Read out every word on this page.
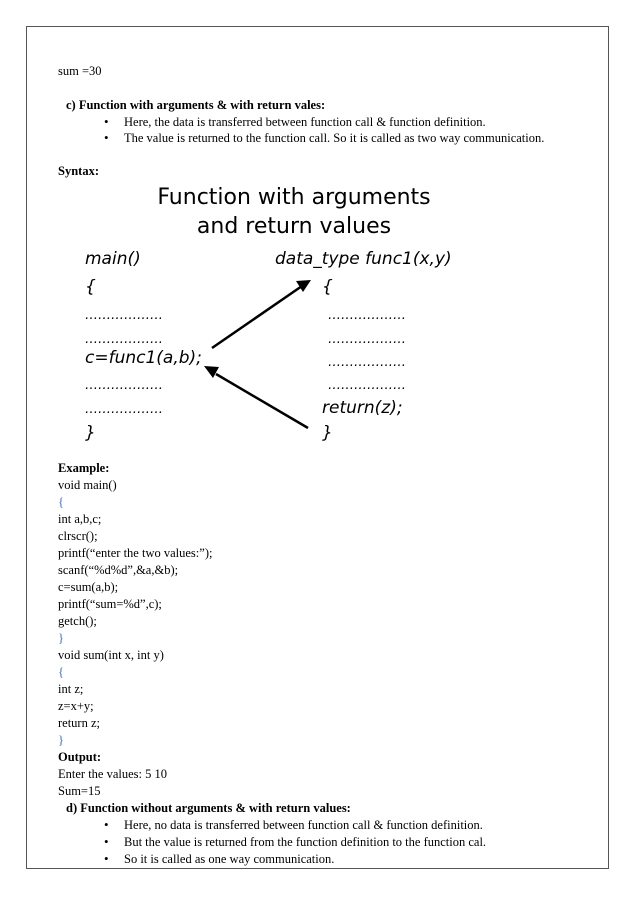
sum =30

c) Function with arguments & with return vales:

• Here, the data is transferred between function call & function definition.

• The value is returned to the function call. So it is called as two way communication.

Syntax:

Function with arguments
and return values
main()
{
………………
………………
c=func1(a,b);
………………
………………
}
data_type func1(x,y)
{
………………
………………
………………
………………
return(z);
}

Example:

void main()

{

int a,b,c;

clrscr();

printf(“enter the two values:”);

scanf(“%d%d”,&a,&b);

c=sum(a,b);

printf(“sum=%d”,c);

getch();

}

void sum(int x, int y)

{

int z;

z=x+y;

return z;

}

Output:

Enter the values: 5 10

Sum=15

d) Function without arguments & with return values:

• Here, no data is transferred between function call & function definition.

• But the value is returned from the function definition to the function cal.

• So it is called as one way communication.
